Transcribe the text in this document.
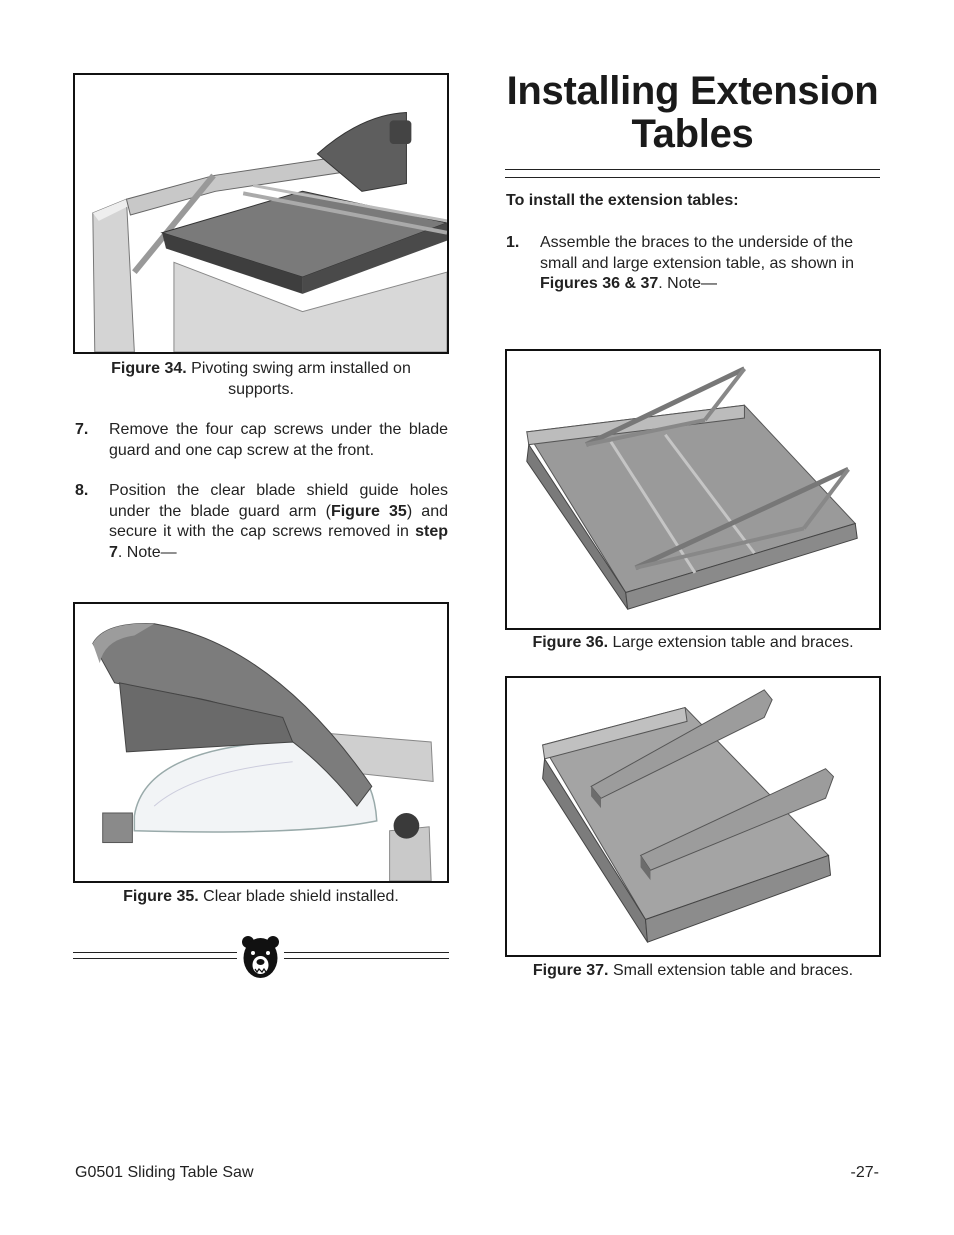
Figure 34. Pivoting swing arm installed on
supports.
7. Remove the four cap screws under the blade guard and one cap screw at the front.
8. Position the clear blade shield guide holes under the blade guard arm (Figure 35) and secure it with the cap screws removed in step 7. Note—
Figure 35. Clear blade shield installed.
Installing Extension
Tables
To install the extension tables:
1. Assemble the braces to the underside of the small and large extension table, as shown in Figures 36 & 37. Note—
Figure 36. Large extension table and braces.
Figure 37. Small extension table and braces.
G0501 Sliding Table Saw	-27-
